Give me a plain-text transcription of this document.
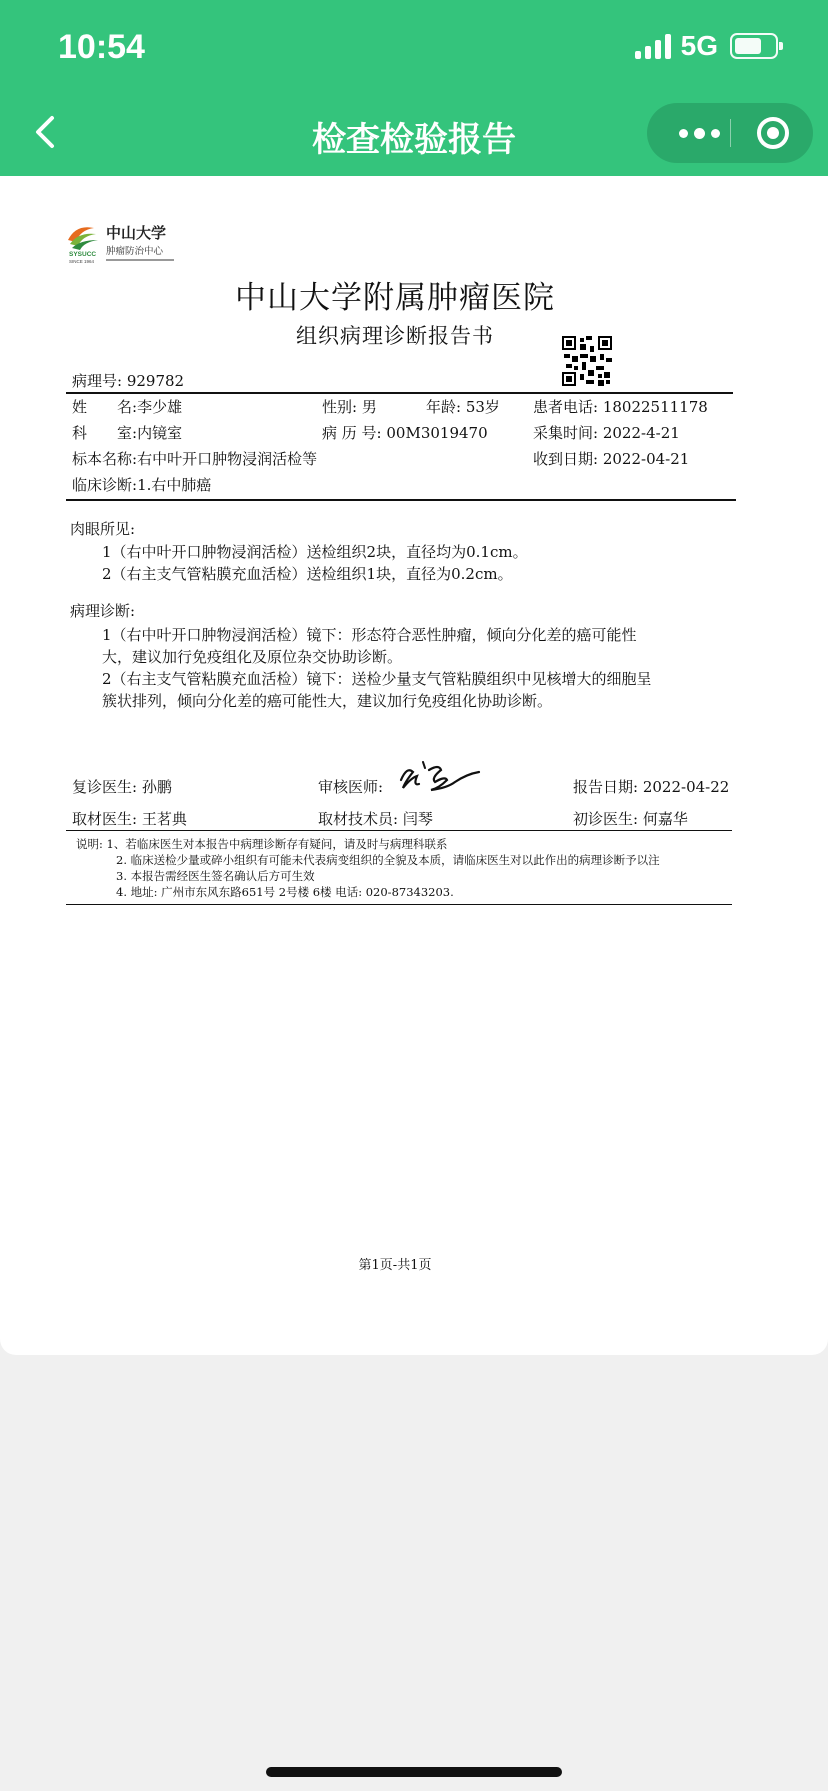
10:54	5G
检查检验报告
SYSUCC
SINCE 1964
中山大学
肿瘤防治中心
中山大学附属肿瘤医院
组织病理诊断报告书
病理号: 929782
姓　　名:李少雄	性别: 男	年龄: 53岁 患者电话: 18022511178
科　　室:内镜室	病 历 号: 00M3019470	采集时间: 2022-4-21
标本名称:右中叶开口肿物浸润活检等	收到日期: 2022-04-21
临床诊断:1.右中肺癌
肉眼所见:
1（右中叶开口肿物浸润活检）送检组织2块，直径均为0.1cm。
2（右主支气管粘膜充血活检）送检组织1块，直径为0.2cm。
病理诊断:
1（右中叶开口肿物浸润活检）镜下：形态符合恶性肿瘤，倾向分化差的癌可能性
大，建议加行免疫组化及原位杂交协助诊断。
2（右主支气管粘膜充血活检）镜下：送检少量支气管粘膜组织中见核增大的细胞呈
簇状排列，倾向分化差的癌可能性大，建议加行免疫组化协助诊断。
复诊医生: 孙鹏	审核医师:	报告日期: 2022-04-22
取材医生: 王茗典	取材技术员: 闫琴	初诊医生: 何嘉华
说明: 1、若临床医生对本报告中病理诊断存有疑问，请及时与病理科联系
2. 临床送检少量或碎小组织有可能未代表病变组织的全貌及本质，请临床医生对以此作出的病理诊断予以注
3. 本报告需经医生签名确认后方可生效
4. 地址: 广州市东风东路651号 2号楼 6楼 电话: 020-87343203.
第1页-共1页
